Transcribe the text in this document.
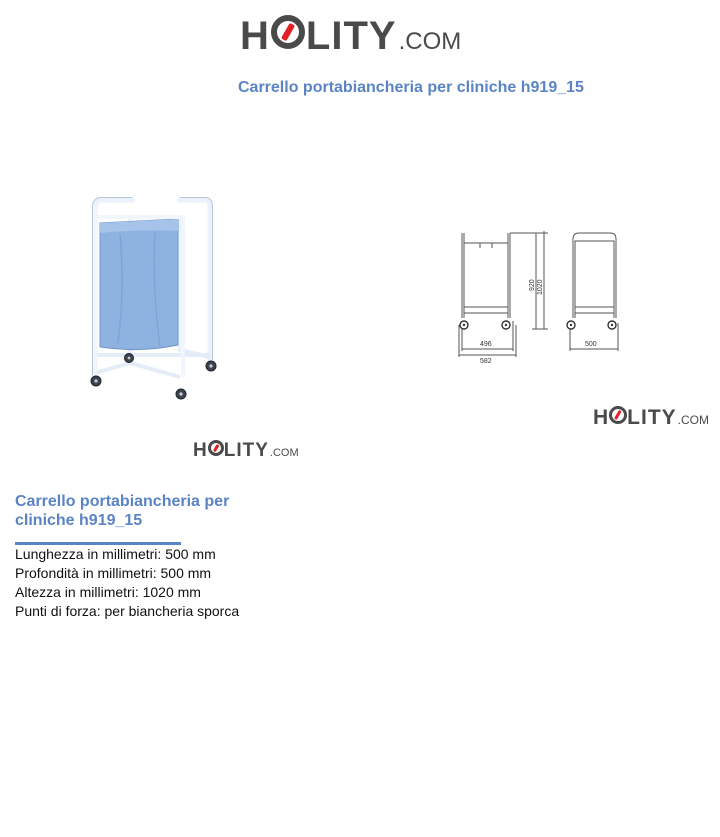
H LITY .COM
Carrello portabiancheria per cliniche h919_15
496
582
500
920 1020
H LITY .COM
H LITY .COM
Carrello portabiancheria per cliniche h919_15
Lunghezza in millimetri: 500 mm
Profondità in millimetri: 500 mm
Altezza in millimetri: 1020 mm
Punti di forza: per biancheria sporca
